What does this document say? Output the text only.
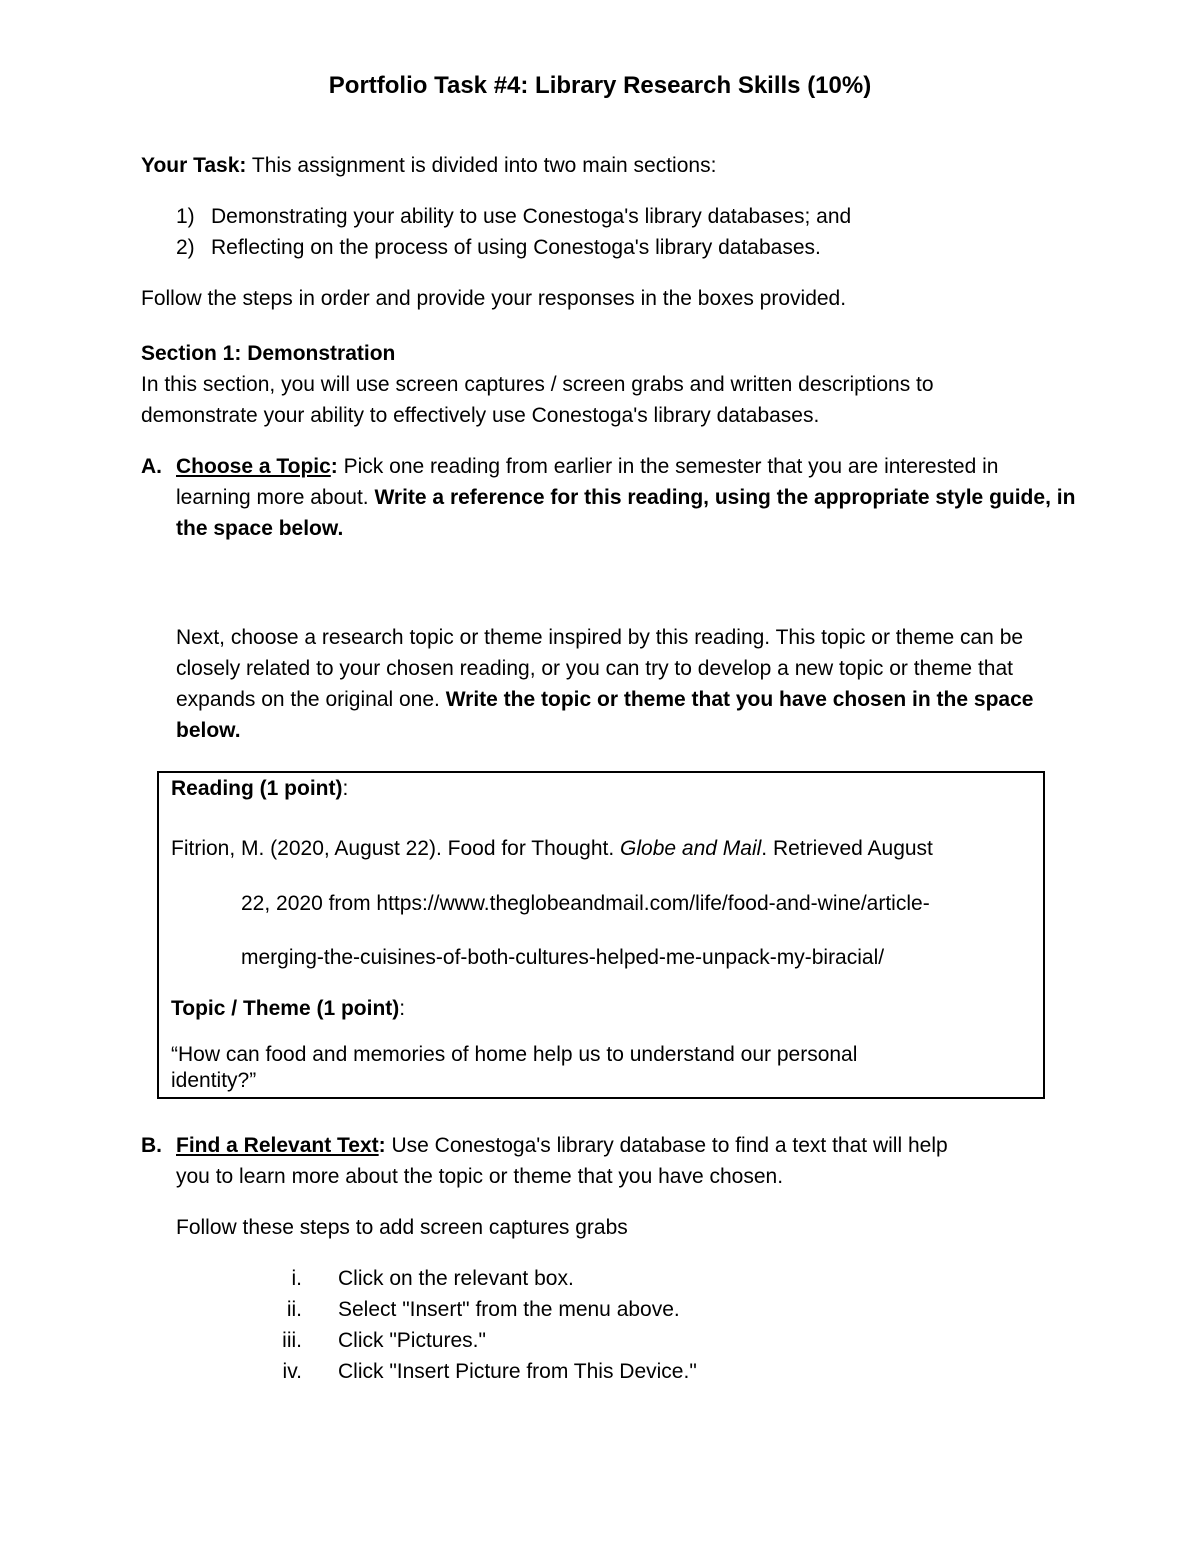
Portfolio Task #4: Library Research Skills (10%)
Your Task: This assignment is divided into two main sections:
1) Demonstrating your ability to use Conestoga's library databases; and
2) Reflecting on the process of using Conestoga's library databases.
Follow the steps in order and provide your responses in the boxes provided.
Section 1: Demonstration
In this section, you will use screen captures / screen grabs and written descriptions to
demonstrate your ability to effectively use Conestoga's library databases.
A. Choose a Topic: Pick one reading from earlier in the semester that you are interested in learning more about. Write a reference for this reading, using the appropriate style guide, in the space below.
Next, choose a research topic or theme inspired by this reading. This topic or theme can be closely related to your chosen reading, or you can try to develop a new topic or theme that expands on the original one. Write the topic or theme that you have chosen in the space below.
Reading (1 point):
Fitrion, M. (2020, August 22). Food for Thought. Globe and Mail. Retrieved August
22, 2020 from https://www.theglobeandmail.com/life/food-and-wine/article-
merging-the-cuisines-of-both-cultures-helped-me-unpack-my-biracial/
Topic / Theme (1 point):
“How can food and memories of home help us to understand our personal
identity?”
B. Find a Relevant Text: Use Conestoga's library database to find a text that will help
you to learn more about the topic or theme that you have chosen.
Follow these steps to add screen captures grabs
i. Click on the relevant box.
ii. Select "Insert" from the menu above.
iii. Click "Pictures."
iv. Click "Insert Picture from This Device."
